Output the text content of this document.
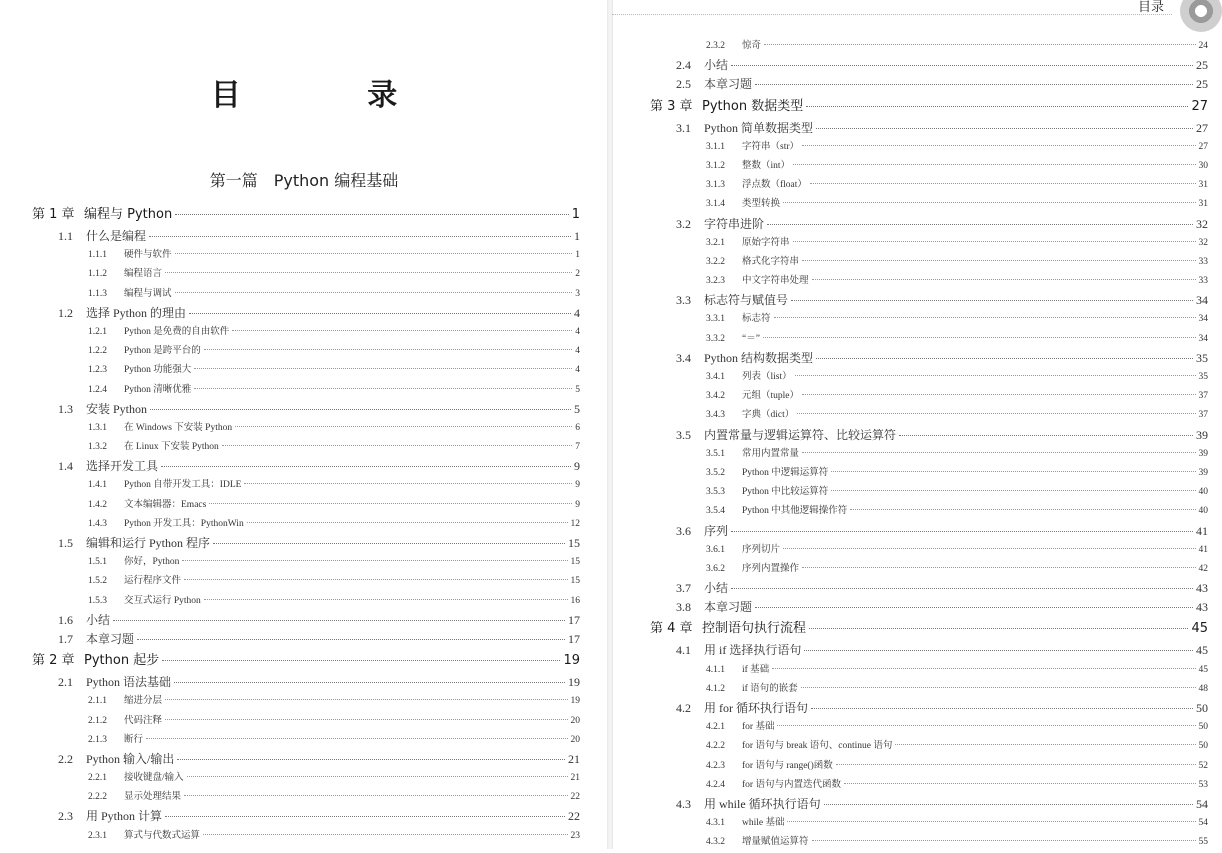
目 录
第一篇　Python 编程基础
第 1 章 编程与 Python	1
1.1	什么是编程	1
1.1.1	硬件与软件	1
1.1.2	编程语言	2
1.1.3	编程与调试	3
1.2	选择 Python 的理由	4
1.2.1	Python 是免费的自由软件	4
1.2.2	Python 是跨平台的	4
1.2.3	Python 功能强大	4
1.2.4	Python 清晰优雅	5
1.3	安装 Python	5
1.3.1	在 Windows 下安装 Python	6
1.3.2	在 Linux 下安装 Python	7
1.4	选择开发工具	9
1.4.1	Python 自带开发工具：IDLE	9
1.4.2	文本编辑器：Emacs	9
1.4.3	Python 开发工具：PythonWin	12
1.5	编辑和运行 Python 程序	15
1.5.1	你好，Python	15
1.5.2	运行程序文件	15
1.5.3	交互式运行 Python	16
1.6	小结	17
1.7	本章习题	17
第 2 章 Python 起步	19
2.1	Python 语法基础	19
2.1.1	缩进分层	19
2.1.2	代码注释	20
2.1.3	断行	20
2.2	Python 输入/输出	21
2.2.1	接收键盘/输入	21
2.2.2	显示处理结果	22
2.3	用 Python 计算	22
2.3.1	算式与代数式运算	23
目录
2.3.2	惊奇	24
2.4	小结	25
2.5	本章习题	25
第 3 章 Python 数据类型	27
3.1	Python 简单数据类型	27
3.1.1	字符串（str）	27
3.1.2	整数（int）	30
3.1.3	浮点数（float）	31
3.1.4	类型转换	31
3.2	字符串进阶	32
3.2.1	原始字符串	32
3.2.2	格式化字符串	33
3.2.3	中文字符串处理	33
3.3	标志符与赋值号	34
3.3.1	标志符	34
3.3.2	“＝”	34
3.4	Python 结构数据类型	35
3.4.1	列表（list）	35
3.4.2	元组（tuple）	37
3.4.3	字典（dict）	37
3.5	内置常量与逻辑运算符、比较运算符	39
3.5.1	常用内置常量	39
3.5.2	Python 中逻辑运算符	39
3.5.3	Python 中比较运算符	40
3.5.4	Python 中其他逻辑操作符	40
3.6	序列	41
3.6.1	序列切片	41
3.6.2	序列内置操作	42
3.7	小结	43
3.8	本章习题	43
第 4 章 控制语句执行流程	45
4.1	用 if 选择执行语句	45
4.1.1	if 基础	45
4.1.2	if 语句的嵌套	48
4.2	用 for 循环执行语句	50
4.2.1	for 基础	50
4.2.2	for 语句与 break 语句、continue 语句	50
4.2.3	for 语句与 range()函数	52
4.2.4	for 语句与内置迭代函数	53
4.3	用 while 循环执行语句	54
4.3.1	while 基础	54
4.3.2	增量赋值运算符	55
